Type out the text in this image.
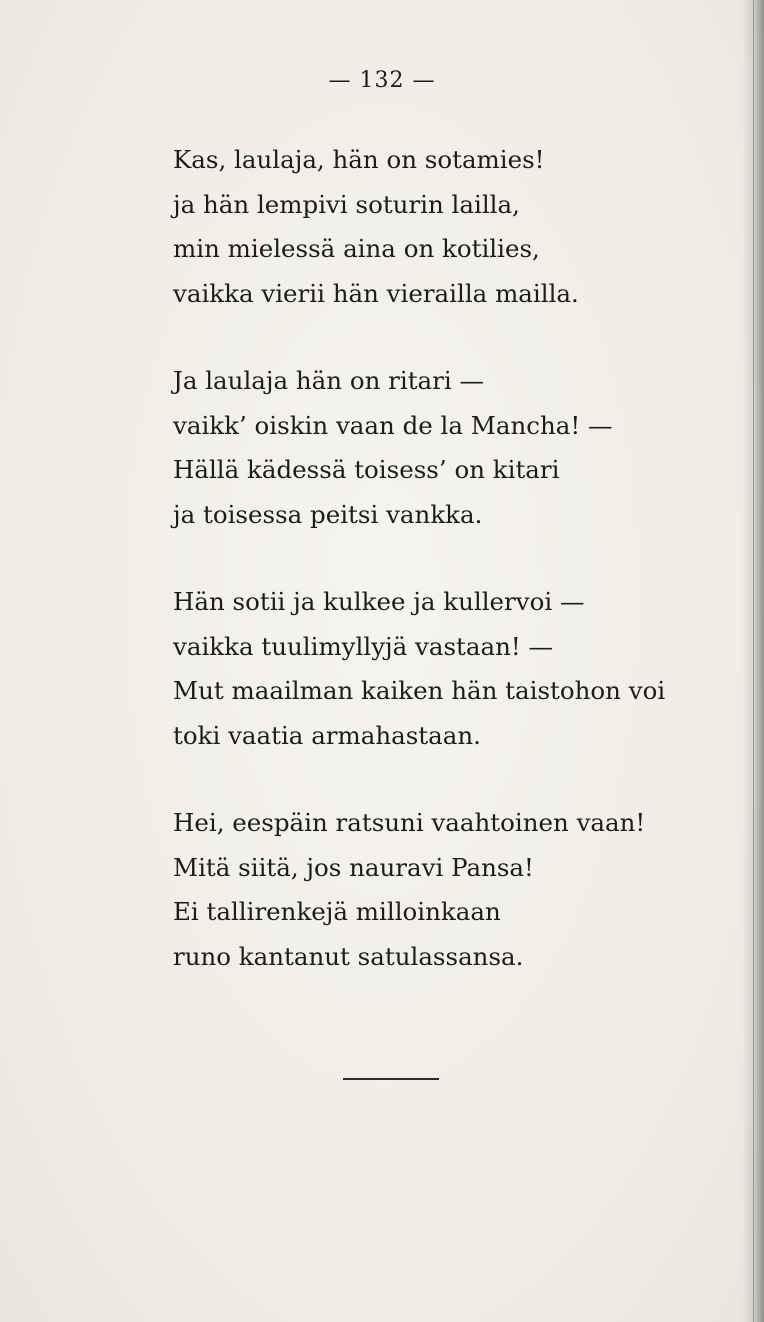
— 132 —
Kas, laulaja, hän on sotamies!
ja hän lempivi soturin lailla,
min mielessä aina on kotilies,
vaikka vierii hän vierailla mailla.
Ja laulaja hän on ritari —
vaikk’ oiskin vaan de la Mancha! —
Hällä kädessä toisess’ on kitari
ja toisessa peitsi vankka.
Hän sotii ja kulkee ja kullervoi —
vaikka tuulimyllyjä vastaan! —
Mut maailman kaiken hän taistohon voi
toki vaatia armahastaan.
Hei, eespäin ratsuni vaahtoinen vaan!
Mitä siitä, jos nauravi Pansa!
Ei tallirenkejä milloinkaan
runo kantanut satulassansa.
